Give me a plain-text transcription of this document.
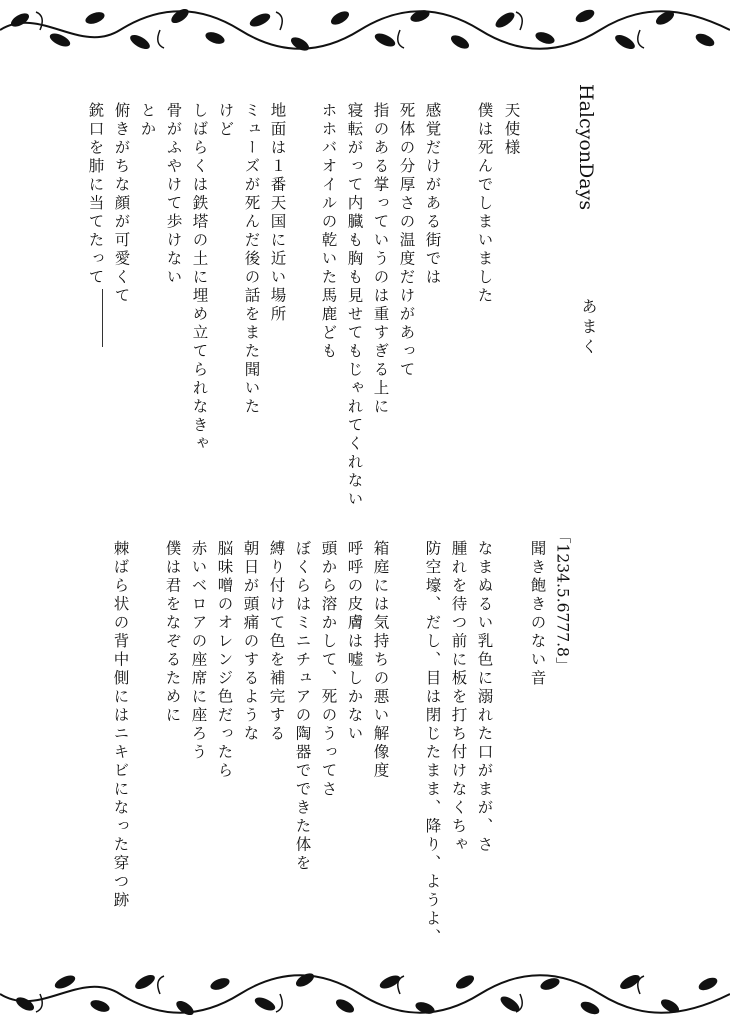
HalcyonDays
あまく
天使様
僕は死んでしまいました
感覚だけがある街では
死体の分厚さの温度だけがあって
指のある掌っていうのは重すぎる上に
寝転がって内臓も胸も見せてもじゃれてくれない
ホホバオイルの乾いた馬鹿ども
地面は１番天国に近い場所
ミューズが死んだ後の話をまた聞いた
けど
しばらくは鉄塔の土に埋め立てられなきゃ
骨がふやけて歩けない
とか
俯きがちな顔が可愛くて
銃口を肺に当てたって
「1234.5.6777.8」
聞き飽きのない音
なまぬるい乳色に溺れた口がまが、さ
腫れを待つ前に板を打ち付けなくちゃ
防空壕、だし、目は閉じたまま、降り、ようよ、
箱庭には気持ちの悪い解像度
呼呼の皮膚は嘘しかない
頭から溶かして、死のうってさ
ぼくらはミニチュアの陶器でできた体を
縛り付けて色を補完する
朝日が頭痛のするような
脳味噌のオレンジ色だったら
赤いベロアの座席に座ろう
僕は君をなぞるために
棘ばら状の背中側にはニキビになった穿つ跡
